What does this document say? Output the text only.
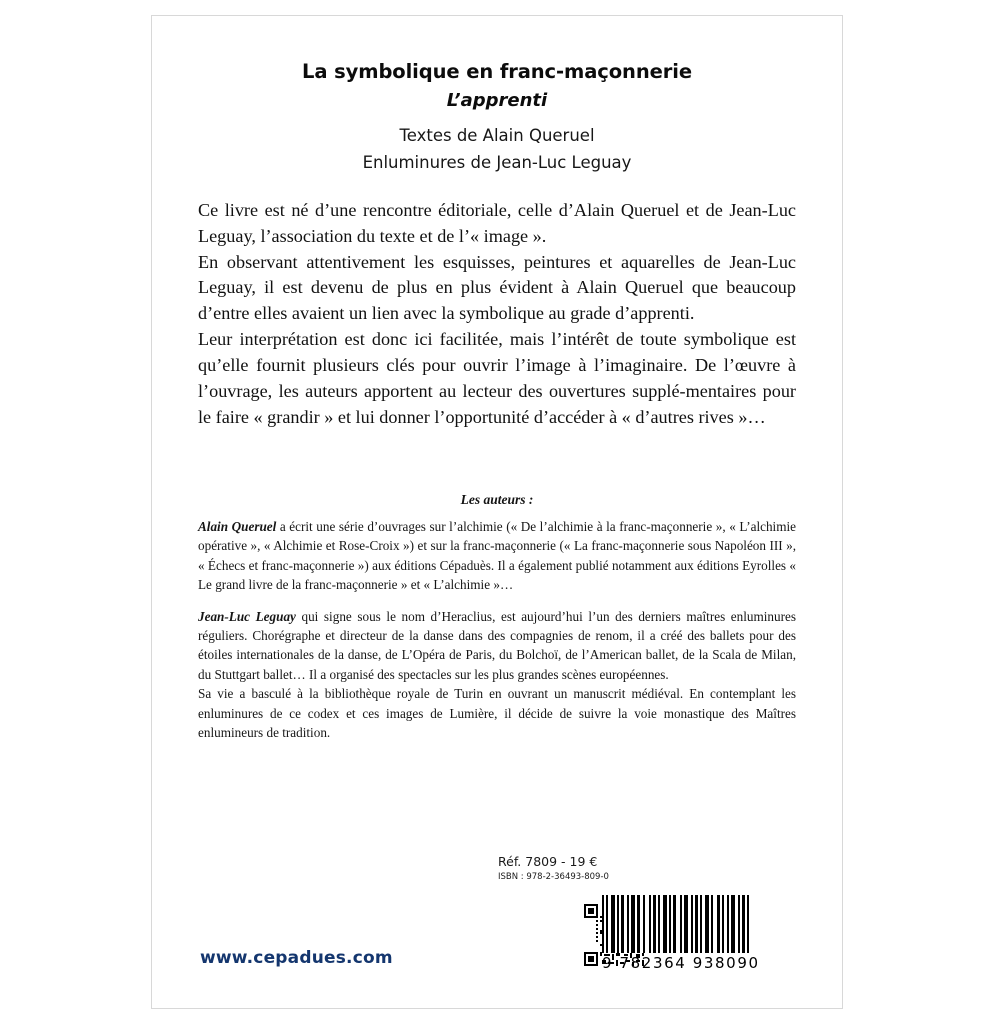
La symbolique en franc-maçonnerie
L’apprenti
Textes de Alain Queruel
Enluminures de Jean-Luc Leguay

Ce livre est né d’une rencontre éditoriale, celle d’Alain Queruel et de Jean-Luc Leguay, l’association du texte et de l’« image ».
En observant attentivement les esquisses, peintures et aquarelles de Jean-Luc Leguay, il est devenu de plus en plus évident à Alain Queruel que beaucoup d’entre elles avaient un lien avec la symbolique au grade d’apprenti.
Leur interprétation est donc ici facilitée, mais l’intérêt de toute symbolique est qu’elle fournit plusieurs clés pour ouvrir l’image à l’imaginaire. De l’œuvre à l’ouvrage, les auteurs apportent au lecteur des ouvertures supplé-mentaires pour le faire « grandir » et lui donner l’opportunité d’accéder à « d’autres rives »…

Les auteurs :

Alain Queruel a écrit une série d’ouvrages sur l’alchimie (« De l’alchimie à la franc-maçonnerie », « L’alchimie opérative », « Alchimie et Rose-Croix ») et sur la franc-maçonnerie (« La franc-maçonnerie sous Napoléon III », « Échecs et franc-maçonnerie ») aux éditions Cépaduès. Il a également publié notamment aux éditions Eyrolles « Le grand livre de la franc-maçonnerie » et « L’alchimie »…

Jean-Luc Leguay qui signe sous le nom d’Heraclius, est aujourd’hui l’un des derniers maîtres enluminures réguliers. Chorégraphe et directeur de la danse dans des compagnies de renom, il a créé des ballets pour des étoiles internationales de la danse, de L’Opéra de Paris, du Bolchoï, de l’American ballet, de la Scala de Milan, du Stuttgart ballet… Il a organisé des spectacles sur les plus grandes scènes européennes.
Sa vie a basculé à la bibliothèque royale de Turin en ouvrant un manuscrit médiéval. En contemplant les enluminures de ce codex et ces images de Lumière, il décide de suivre la voie monastique des Maîtres enlumineurs de tradition.

www.cepadues.com
Réf. 7809 - 19 €
ISBN : 978-2-36493-809-0
9 782364 938090
